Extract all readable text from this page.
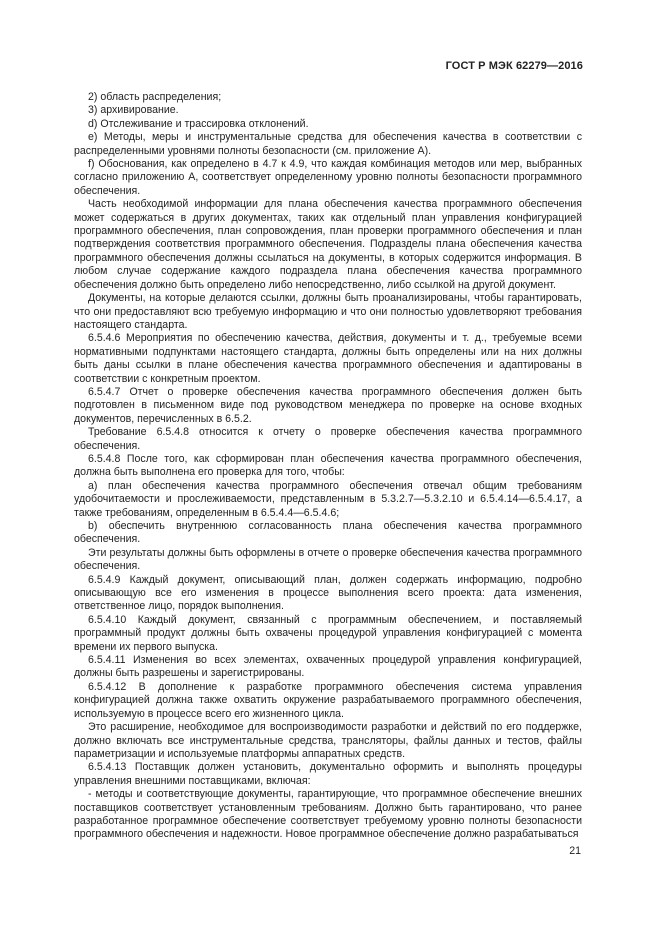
ГОСТ Р МЭК 62279—2016

2) область распределения;

3) архивирование.

d) Отслеживание и трассировка отклонений.

e) Методы, меры и инструментальные средства для обеспечения качества в соответствии с распределенными уровнями полноты безопасности (см. приложение А).

f) Обоснования, как определено в 4.7 к 4.9, что каждая комбинация методов или мер, выбранных согласно приложению А, соответствует определенному уровню полноты безопасности программного обеспечения.

Часть необходимой информации для плана обеспечения качества программного обеспечения может содержаться в других документах, таких как отдельный план управления конфигурацией программного обеспечения, план сопровождения, план проверки программного обеспечения и план подтверждения соответствия программного обеспечения. Подразделы плана обеспечения качества программного обеспечения должны ссылаться на документы, в которых содержится информация. В любом случае содержание каждого подраздела плана обеспечения качества программного обеспечения должно быть определено либо непосредственно, либо ссылкой на другой документ.

Документы, на которые делаются ссылки, должны быть проанализированы, чтобы гарантировать, что они предоставляют всю требуемую информацию и что они полностью удовлетворяют требования настоящего стандарта.

6.5.4.6 Мероприятия по обеспечению качества, действия, документы и т. д., требуемые всеми нормативными подпунктами настоящего стандарта, должны быть определены или на них должны быть даны ссылки в плане обеспечения качества программного обеспечения и адаптированы в соответствии с конкретным проектом.

6.5.4.7 Отчет о проверке обеспечения качества программного обеспечения должен быть подготовлен в письменном виде под руководством менеджера по проверке на основе входных документов, перечисленных в 6.5.2.

Требование 6.5.4.8 относится к отчету о проверке обеспечения качества программного обеспечения.

6.5.4.8 После того, как сформирован план обеспечения качества программного обеспечения, должна быть выполнена его проверка для того, чтобы:

a) план обеспечения качества программного обеспечения отвечал общим требованиям удобочитаемости и прослеживаемости, представленным в 5.3.2.7—5.3.2.10 и 6.5.4.14—6.5.4.17, а также требованиям, определенным в 6.5.4.4—6.5.4.6;

b) обеспечить внутреннюю согласованность плана обеспечения качества программного обеспечения.

Эти результаты должны быть оформлены в отчете о проверке обеспечения качества программного обеспечения.

6.5.4.9 Каждый документ, описывающий план, должен содержать информацию, подробно описывающую все его изменения в процессе выполнения всего проекта: дата изменения, ответственное лицо, порядок выполнения.

6.5.4.10 Каждый документ, связанный с программным обеспечением, и поставляемый программный продукт должны быть охвачены процедурой управления конфигурацией с момента времени их первого выпуска.

6.5.4.11 Изменения во всех элементах, охваченных процедурой управления конфигурацией, должны быть разрешены и зарегистрированы.

6.5.4.12 В дополнение к разработке программного обеспечения система управления конфигурацией должна также охватить окружение разрабатываемого программного обеспечения, используемую в процессе всего его жизненного цикла.

Это расширение, необходимое для воспроизводимости разработки и действий по его поддержке, должно включать все инструментальные средства, трансляторы, файлы данных и тестов, файлы параметризации и используемые платформы аппаратных средств.

6.5.4.13 Поставщик должен установить, документально оформить и выполнять процедуры управления внешними поставщиками, включая:

- методы и соответствующие документы, гарантирующие, что программное обеспечение внешних поставщиков соответствует установленным требованиям. Должно быть гарантировано, что ранее разработанное программное обеспечение соответствует требуемому уровню полноты безопасности программного обеспечения и надежности. Новое программное обеспечение должно разрабатываться

21
